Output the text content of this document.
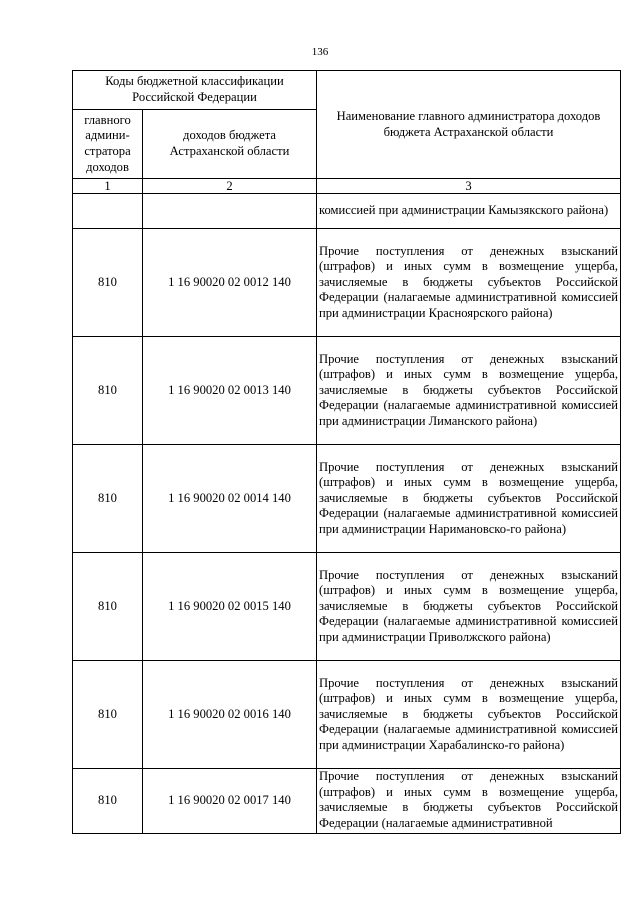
136
Коды бюджетной классификации Российской Федерации		Наименование главного администратора доходов бюджета Астраханской области
главного админи-стратора доходов	доходов бюджета Астраханской области	
1	2	3
		комиссией при администрации Камызякского района)
810	1 16 90020 02 0012 140	Прочие поступления от денежных взысканий (штрафов) и иных сумм в возмещение ущерба, зачисляемые в бюджеты субъектов Российской Федерации (налагаемые административной комиссией при администрации Красноярского района)
810	1 16 90020 02 0013 140	Прочие поступления от денежных взысканий (штрафов) и иных сумм в возмещение ущерба, зачисляемые в бюджеты субъектов Российской Федерации (налагаемые административной комиссией при администрации Лиманского района)
810	1 16 90020 02 0014 140	Прочие поступления от денежных взысканий (штрафов) и иных сумм в возмещение ущерба, зачисляемые в бюджеты субъектов Российской Федерации (налагаемые административной комиссией при администрации Наримановско-го района)
810	1 16 90020 02 0015 140	Прочие поступления от денежных взысканий (штрафов) и иных сумм в возмещение ущерба, зачисляемые в бюджеты субъектов Российской Федерации (налагаемые административной комиссией при администрации Приволжского района)
810	1 16 90020 02 0016 140	Прочие поступления от денежных взысканий (штрафов) и иных сумм в возмещение ущерба, зачисляемые в бюджеты субъектов Российской Федерации (налагаемые административной комиссией при администрации Харабалинско-го района)
810	1 16 90020 02 0017 140	Прочие поступления от денежных взысканий (штрафов) и иных сумм в возмещение ущерба, зачисляемые в бюджеты субъектов Российской Федерации (налагаемые административной
